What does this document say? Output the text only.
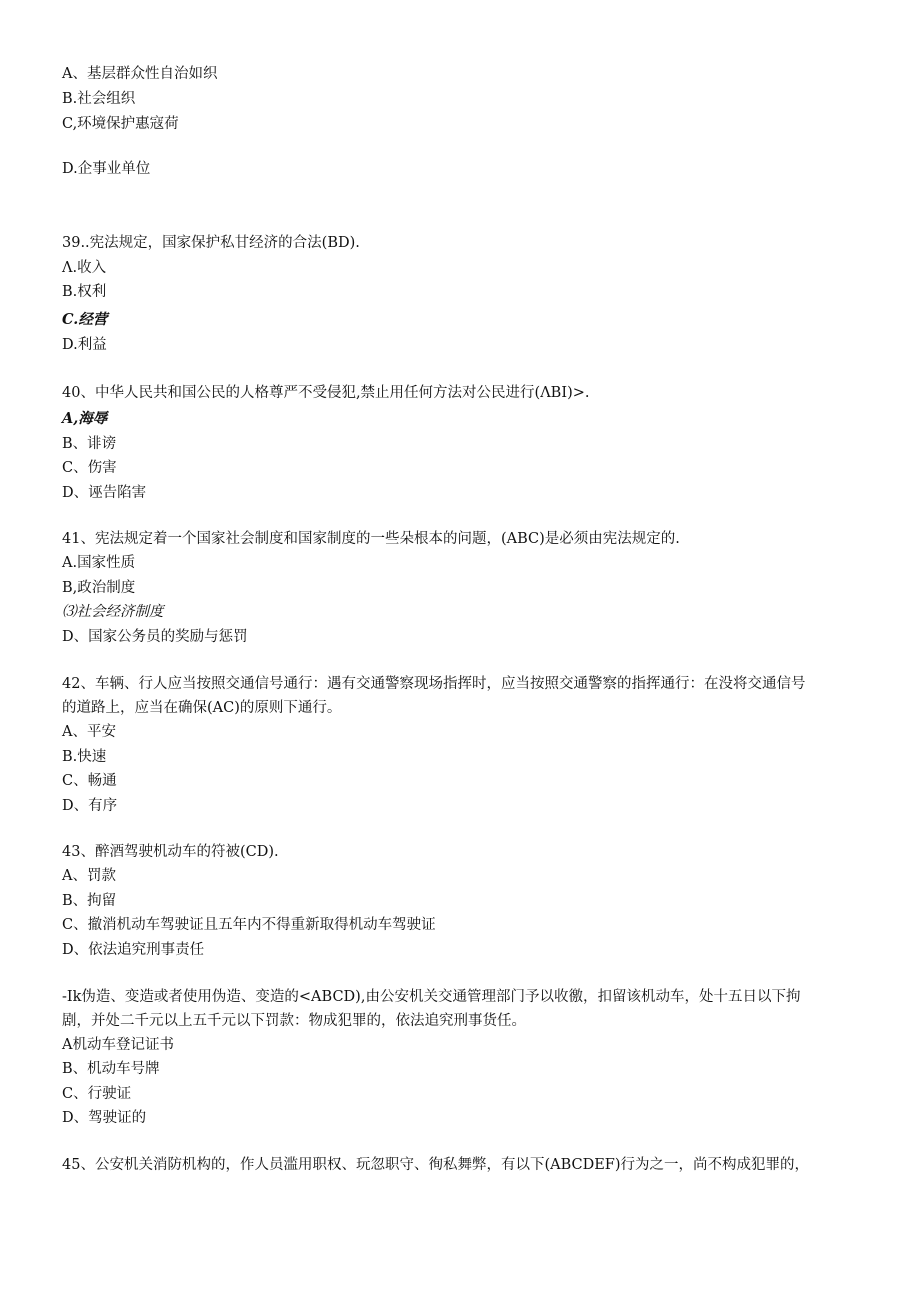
A、基层群众性自治如织
B.社会组织
C,环境保护惠寇荷
D.企事业单位
39..宪法规定，国家保护私甘经济的合法(BD).
Λ.收入
B.权利
C.经营
D.利益
40、中华人民共和国公民的人格尊严不受侵犯,禁止用任何方法对公民进行(ΛBI)>.
A,海辱
B、诽谤
C、伤害
D、诬告陷害
41、宪法规定着一个国家社会制度和国家制度的一些朵根本的问题，(ABC)是必须由宪法规定的.
A.国家性质
B,政治制度
⑶社会经济制度
D、国家公务员的奖励与惩罚
42、车辆、行人应当按照交通信号通行：遇有交通警察现场指挥时，应当按照交通警察的指挥通行：在没将交通信号
的道路上，应当在确保(AC)的原则下通行。
A、平安
B.快速
C、畅通
D、有序
43、醉酒驾驶机动车的符被(CD).
A、罚款
B、拘留
C、撤消机动车驾驶证且五年内不得重新取得机动车驾驶证
D、依法追究刑事责任
-Ik伪造、变造或者使用伪造、变造的<ABCD),由公安机关交通管理部门予以收徼，扣留该机动车，处十五日以下拘
剧，并处二千元以上五千元以下罚款：物成犯罪的，依法追究刑事货任。
A机动车登记证书
B、机动车号牌
C、行驶证
D、驾驶证的
45、公安机关消防机构的，作人员滥用职权、玩忽职守、徇私舞弊，有以下(ABCDEF)行为之一，尚不构成犯罪的，
